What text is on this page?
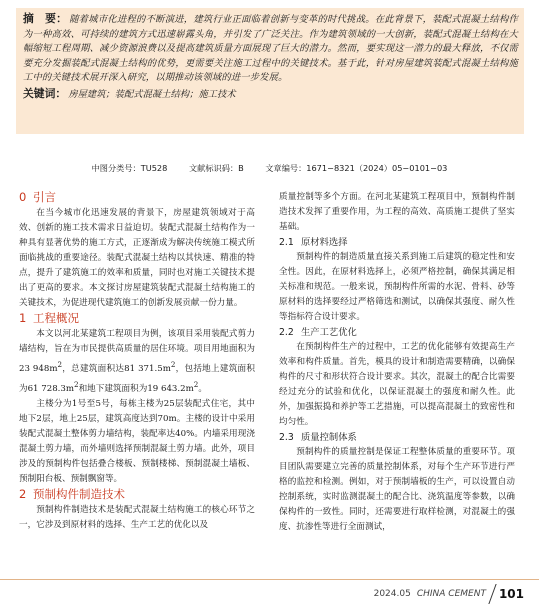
摘　要： 随着城市化进程的不断演进，建筑行业正面临着创新与变革的时代挑战。在此背景下，装配式混凝土结构作为一种高效、可持续的建筑方式迅速崭露头角，并引发了广泛关注。作为建筑领域的一大创新，装配式混凝土结构在大幅缩短工程周期、减少资源浪费以及提高建筑质量方面展现了巨大的潜力。然而，要实现这一潜力的最大释放，不仅需要充分发掘装配式混凝土结构的优势，更需要关注施工过程中的关键技术。基于此，针对房屋建筑装配式混凝土结构施工中的关键技术展开深入研究，以期推动该领域的进一步发展。

关键词： 房屋建筑；装配式混凝土结构；施工技术

中图分类号：TU528	文献标识码：B	文章编号：1671−8321（2024）05−0101−03
0 引言

在当今城市化迅速发展的背景下，房屋建筑领域对于高效、创新的施工技术需求日益迫切。装配式混凝土结构作为一种具有显著优势的施工方式，正逐渐成为解决传统施工模式所面临挑战的重要途径。装配式混凝土结构以其快速、精准的特点，提升了建筑施工的效率和质量，同时也对施工关键技术提出了更高的要求。本文探讨房屋建筑装配式混凝土结构施工的关键技术，为促进现代建筑施工的创新发展贡献一份力量。

1 工程概况

本文以河北某建筑工程项目为例，该项目采用装配式剪力墙结构，旨在为市民提供高质量的居住环境。项目用地面积为23 $948m^2$，总建筑面积达81 $371.5m^2$，包括地上建筑面积为61 $728.3m^2$和地下建筑面积为19 $643.2m^2$。

主楼分为1号至5号，每栋主楼为25层装配式住宅，其中地下2层，地上25层，建筑高度达到70m。主楼的设计中采用装配式混凝土整体剪力墙结构，装配率达40%。内墙采用现浇混凝土剪力墙，而外墙则选择预制混凝土剪力墙。此外，项目涉及的预制构件包括叠合楼板、预制楼梯、预制混凝土墙板、预制阳台板、预制飘窗等。

2 预制构件制造技术

预制构件制造技术是装配式混凝土结构施工的核心环节之一，它涉及到原材料的选择、生产工艺的优化以及

质量控制等多个方面。在河北某建筑工程项目中，预制构件制造技术发挥了重要作用，为工程的高效、高质施工提供了坚实基础。

2.1 原材料选择

预制构件的制造质量直接关系到施工后建筑的稳定性和安全性。因此，在原材料选择上，必须严格控制，确保其满足相关标准和规范。一般来说，预制构件所需的水泥、骨料、砂等原材料的选择要经过严格筛选和测试，以确保其强度、耐久性等指标符合设计要求。

2.2 生产工艺优化

在预制构件生产的过程中，工艺的优化能够有效提高生产效率和构件质量。首先，模具的设计和制造需要精确，以确保构件的尺寸和形状符合设计要求。其次，混凝土的配合比需要经过充分的试验和优化，以保证混凝土的强度和耐久性。此外，加强振捣和养护等工艺措施，可以提高混凝土的致密性和均匀性。

2.3 质量控制体系

预制构件的质量控制是保证工程整体质量的重要环节。项目团队需要建立完善的质量控制体系，对每个生产环节进行严格的监控和检测。例如，对于预制墙板的生产，可以设置自动控制系统，实时监测混凝土的配合比、浇筑温度等参数，以确保构件的一致性。同时，还需要进行取样检测，对混凝土的强度、抗渗性等进行全面测试，

2024.05 CHINA CEMENT 101
